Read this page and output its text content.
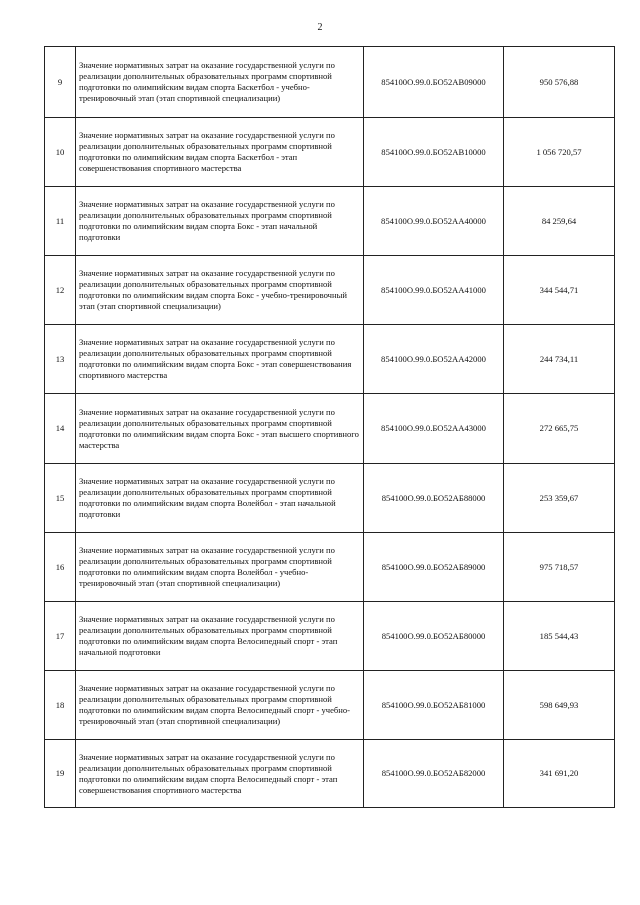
2
9	Значение нормативных затрат на оказание государственной услуги по реализации дополнительных образовательных программ спортивной подготовки по олимпийским видам спорта Баскетбол - учебно-тренировочный этап (этап спортивной специализации)	854100О.99.0.БО52АВ09000	950 576,88
10	Значение нормативных затрат на оказание государственной услуги по реализации дополнительных образовательных программ спортивной подготовки по олимпийским видам спорта Баскетбол - этап совершенствования спортивного мастерства	854100О.99.0.БО52АВ10000	1 056 720,57
11	Значение нормативных затрат на оказание государственной услуги по реализации дополнительных образовательных программ спортивной подготовки по олимпийским видам спорта Бокс - этап начальной подготовки	854100О.99.0.БО52АА40000	84 259,64
12	Значение нормативных затрат на оказание государственной услуги по реализации дополнительных образовательных программ спортивной подготовки по олимпийским видам спорта Бокс - учебно-тренировочный этап (этап спортивной специализации)	854100О.99.0.БО52АА41000	344 544,71
13	Значение нормативных затрат на оказание государственной услуги по реализации дополнительных образовательных программ спортивной подготовки по олимпийским видам спорта Бокс - этап совершенствования спортивного мастерства	854100О.99.0.БО52АА42000	244 734,11
14	Значение нормативных затрат на оказание государственной услуги по реализации дополнительных образовательных программ спортивной подготовки по олимпийским видам спорта Бокс - этап высшего спортивного мастерства	854100О.99.0.БО52АА43000	272 665,75
15	Значение нормативных затрат на оказание государственной услуги по реализации дополнительных образовательных программ спортивной подготовки по олимпийским видам спорта Волейбол - этап начальной подготовки	854100О.99.0.БО52АБ88000	253 359,67
16	Значение нормативных затрат на оказание государственной услуги по реализации дополнительных образовательных программ спортивной подготовки по олимпийским видам спорта Волейбол - учебно-тренировочный этап (этап спортивной специализации)	854100О.99.0.БО52АБ89000	975 718,57
17	Значение нормативных затрат на оказание государственной услуги по реализации дополнительных образовательных программ спортивной подготовки по олимпийским видам спорта Велосипедный спорт - этап начальной подготовки	854100О.99.0.БО52АБ80000	185 544,43
18	Значение нормативных затрат на оказание государственной услуги по реализации дополнительных образовательных программ спортивной подготовки по олимпийским видам спорта Велосипедный спорт - учебно-тренировочный этап (этап спортивной специализации)	854100О.99.0.БО52АБ81000	598 649,93
19	Значение нормативных затрат на оказание государственной услуги по реализации дополнительных образовательных программ спортивной подготовки по олимпийским видам спорта Велосипедный спорт - этап совершенствования спортивного мастерства	854100О.99.0.БО52АБ82000	341 691,20
